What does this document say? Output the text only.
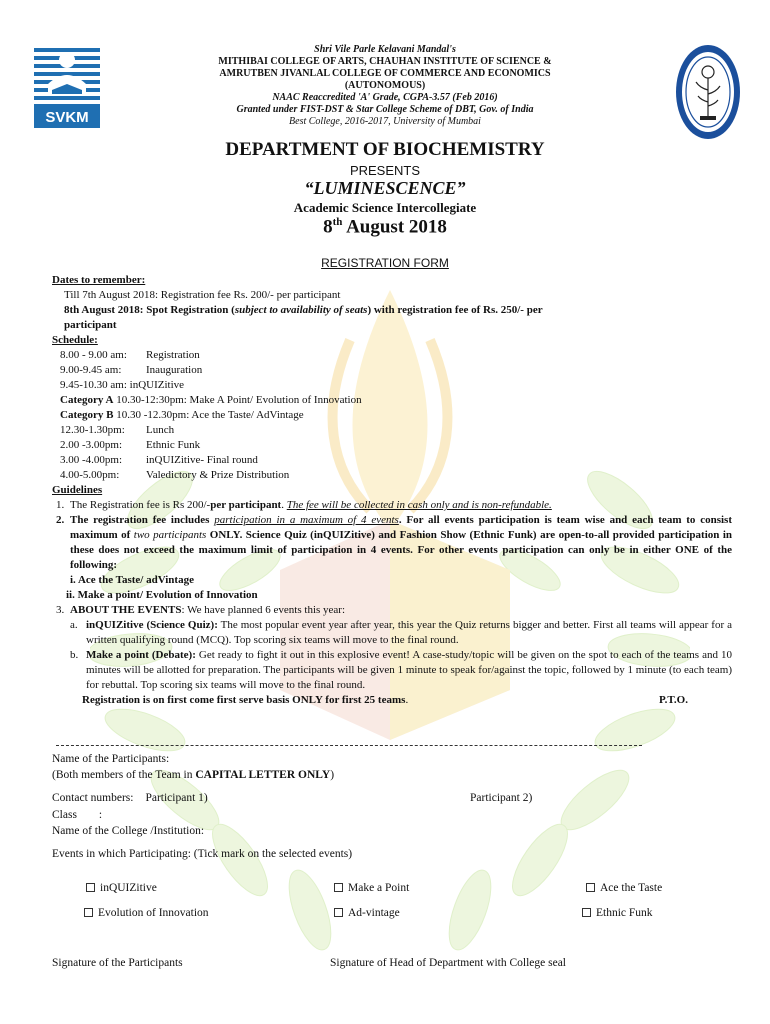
SVKM
Shri Vile Parle Kelavani Mandal's
MITHIBAI COLLEGE OF ARTS, CHAUHAN INSTITUTE OF SCIENCE &
AMRUTBEN JIVANLAL COLLEGE OF COMMERCE AND ECONOMICS
(AUTONOMOUS)
NAAC Reaccredited 'A' Grade, CGPA-3.57 (Feb 2016)
Granted under FIST-DST & Star College Scheme of DBT, Gov. of India
Best College, 2016-2017, University of Mumbai
DEPARTMENT OF BIOCHEMISTRY
PRESENTS
“LUMINESCENCE”
Academic Science Intercollegiate
8th August 2018
REGISTRATION FORM
Dates to remember:
Till 7th August 2018: Registration fee Rs. 200/- per participant
8th August 2018: Spot Registration (subject to availability of seats) with registration fee of Rs. 250/- per
participant
Schedule:
8.00 - 9.00 am: Registration
9.00-9.45 am: Inauguration
9.45-10.30 am: inQUIZitive
Category A 10.30-12:30pm: Make A Point/ Evolution of Innovation
Category B 10.30 -12.30pm: Ace the Taste/ AdVintage
12.30-1.30pm: Lunch
2.00 -3.00pm: Ethnic Funk
3.00 -4.00pm: inQUIZitive- Final round
4.00-5.00pm: Valedictory & Prize Distribution
Guidelines
1. The Registration fee is Rs 200/-per participant. The fee will be collected in cash only and is non-refundable.
2. The registration fee includes participation in a maximum of 4 events. For all events participation is team wise and each team to consist maximum of two participants ONLY. Science Quiz (inQUIZitive) and Fashion Show (Ethnic Funk) are open-to-all provided participation in these does not exceed the maximum limit of participation in 4 events. For other events participation can only be in either ONE of the following:
i. Ace the Taste/ adVintage
ii. Make a point/ Evolution of Innovation
3. ABOUT THE EVENTS: We have planned 6 events this year:
a. inQUIZitive (Science Quiz): The most popular event year after year, this year the Quiz returns bigger and better. First all teams will appear for a written qualifying round (MCQ). Top scoring six teams will move to the final round.
b. Make a point (Debate): Get ready to fight it out in this explosive event! A case-study/topic will be given on the spot to each of the teams and 10 minutes will be allotted for preparation. The participants will be given 1 minute to speak for/against the topic, followed by 1 minute (to each team) for rebuttal. Top scoring six teams will move to the final round.
Registration is on first come first serve basis ONLY for first 25 teams.	P.T.O.
Name of the Participants:
(Both members of the Team in CAPITAL LETTER ONLY)
Contact numbers: Participant 1)	Participant 2)
Class :
Name of the College /Institution:
Events in which Participating: (Tick mark on the selected events)
inQUIZitive	Make a Point	Ace the Taste
Evolution of Innovation	Ad-vintage	Ethnic Funk
Signature of the Participants	Signature of Head of Department with College seal
